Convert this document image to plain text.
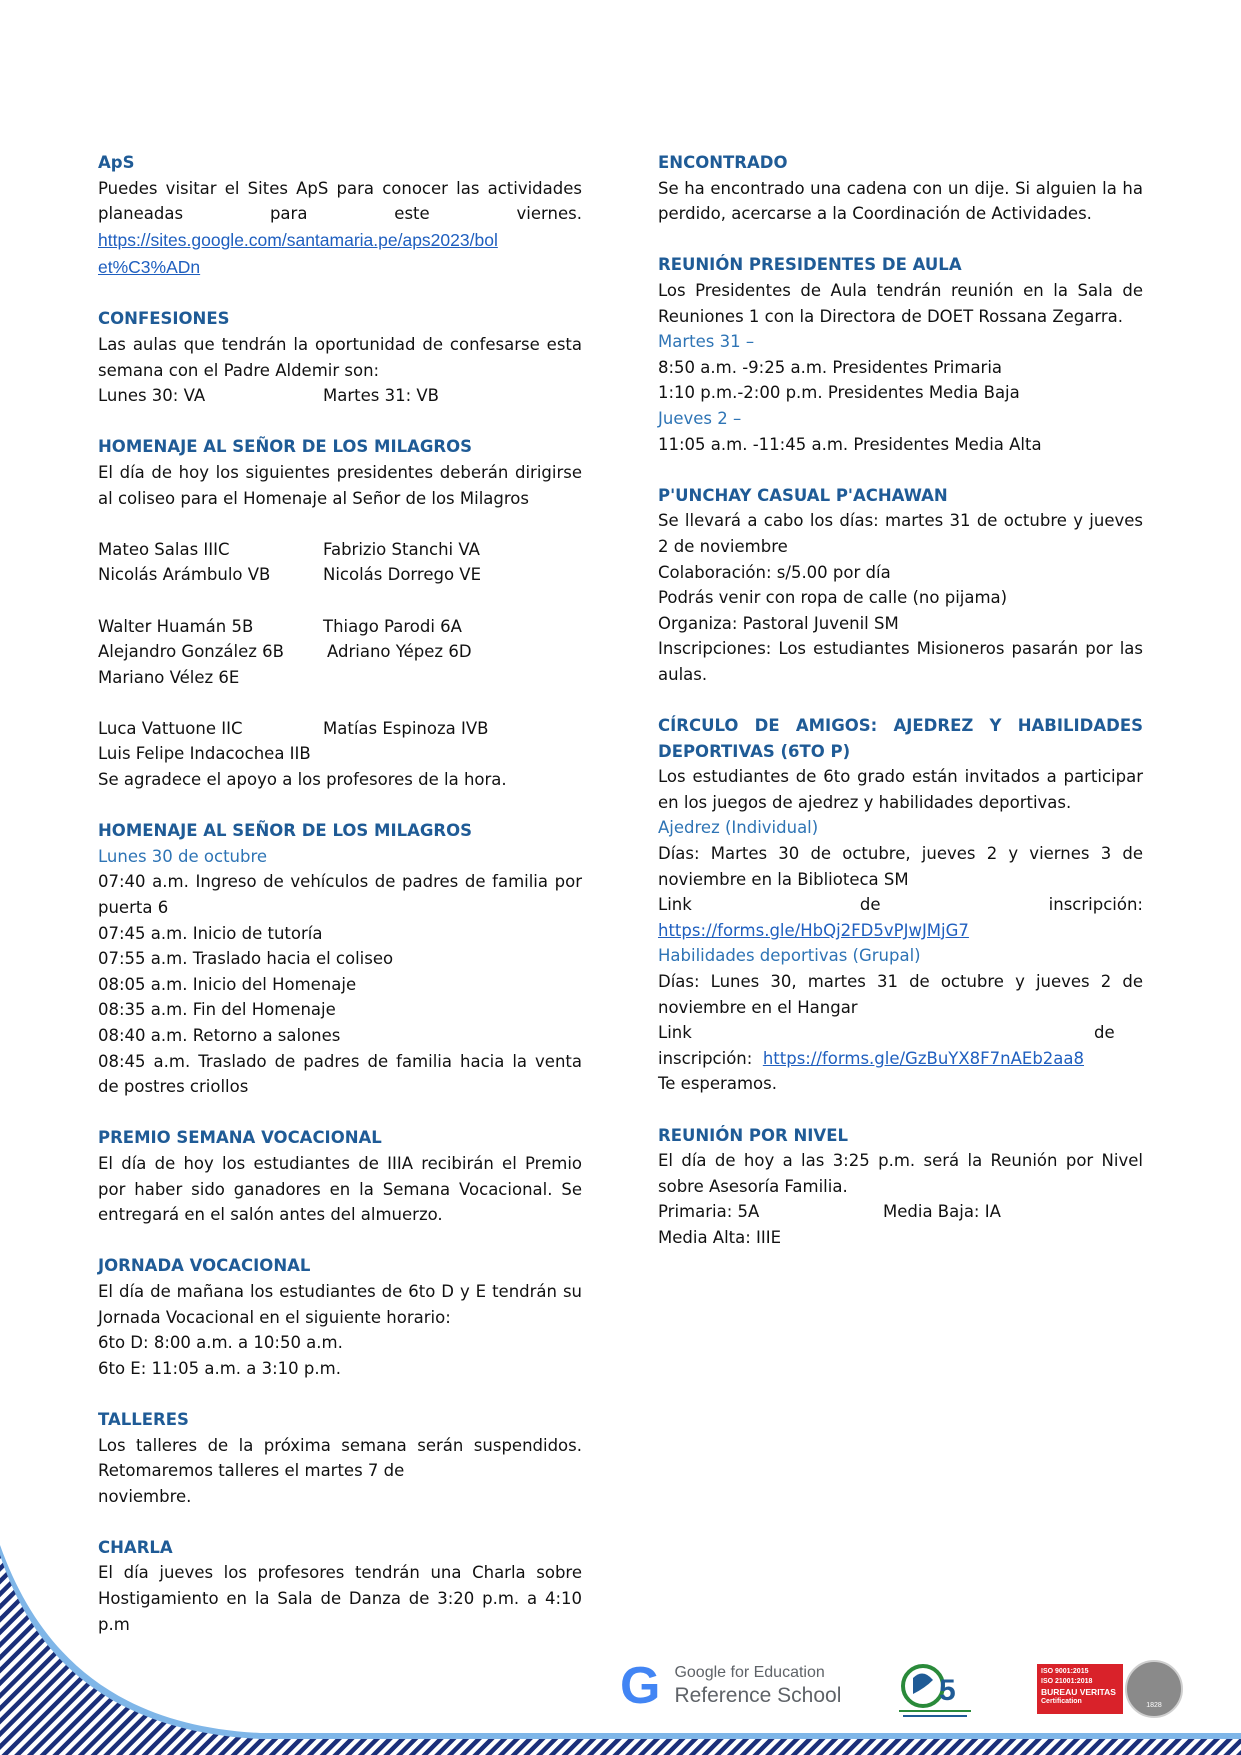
ApS
Puedes visitar el Sites ApS para conocer las actividades planeadas para este viernes.
https://sites.google.com/santamaria.pe/aps2023/bol
et%C3%ADn
CONFESIONES
Las aulas que tendrán la oportunidad de confesarse esta semana con el Padre Aldemir son:
Lunes 30: VA	Martes 31: VB
HOMENAJE AL SEÑOR DE LOS MILAGROS
El día de hoy los siguientes presidentes deberán dirigirse al coliseo para el Homenaje al Señor de los Milagros
Mateo Salas IIIC	Fabrizio Stanchi VA
Nicolás Arámbulo VB	Nicolás Dorrego VE
Walter Huamán 5B	Thiago Parodi 6A
Alejandro González 6B	Adriano Yépez 6D
Mariano Vélez 6E
Luca Vattuone IIC	Matías Espinoza IVB
Luis Felipe Indacochea IIB
Se agradece el apoyo a los profesores de la hora.
HOMENAJE AL SEÑOR DE LOS MILAGROS
Lunes 30 de octubre
07:40 a.m. Ingreso de vehículos de padres de familia por puerta 6
07:45 a.m. Inicio de tutoría
07:55 a.m. Traslado hacia el coliseo
08:05 a.m. Inicio del Homenaje
08:35 a.m. Fin del Homenaje
08:40 a.m. Retorno a salones
08:45 a.m. Traslado de padres de familia hacia la venta de postres criollos
PREMIO SEMANA VOCACIONAL
El día de hoy los estudiantes de IIIA recibirán el Premio por haber sido ganadores en la Semana Vocacional. Se entregará en el salón antes del almuerzo.
JORNADA VOCACIONAL
El día de mañana los estudiantes de 6to D y E tendrán su Jornada Vocacional en el siguiente horario:
6to D: 8:00 a.m. a 10:50 a.m.
6to E: 11:05 a.m. a 3:10 p.m.
TALLERES
Los talleres de la próxima semana serán suspendidos.
Retomaremos talleres el martes 7 de
noviembre.
CHARLA
El día jueves los profesores tendrán una Charla sobre Hostigamiento en la Sala de Danza de 3:20 p.m. a 4:10 p.m
ENCONTRADO
Se ha encontrado una cadena con un dije. Si alguien la ha perdido, acercarse a la Coordinación de Actividades.
REUNIÓN PRESIDENTES DE AULA
Los Presidentes de Aula tendrán reunión en la Sala de Reuniones 1 con la Directora de DOET Rossana Zegarra.
Martes 31 –
8:50 a.m. -9:25 a.m. Presidentes Primaria
1:10 p.m.-2:00 p.m. Presidentes Media Baja
Jueves 2 –
11:05 a.m. -11:45 a.m. Presidentes Media Alta
P'UNCHAY CASUAL P'ACHAWAN
Se llevará a cabo los días: martes 31 de octubre y jueves 2 de noviembre
Colaboración: s/5.00 por día
Podrás venir con ropa de calle (no pijama)
Organiza: Pastoral Juvenil SM
Inscripciones: Los estudiantes Misioneros pasarán por las aulas.
CÍRCULO DE AMIGOS: AJEDREZ Y HABILIDADES DEPORTIVAS (6TO P)
Los estudiantes de 6to grado están invitados a participar en los juegos de ajedrez y habilidades deportivas.
Ajedrez (Individual)
Días: Martes 30 de octubre, jueves 2 y viernes 3 de noviembre en la Biblioteca SM
Link de inscripción:
https://forms.gle/HbQj2FD5vPJwJMjG7
Habilidades deportivas (Grupal)
Días: Lunes 30, martes 31 de octubre y jueves 2 de noviembre en el Hangar
Link de
inscripción: https://forms.gle/GzBuYX8F7nAEb2aa8
Te esperamos.
REUNIÓN POR NIVEL
El día de hoy a las 3:25 p.m. será la Reunión por Nivel sobre Asesoría Familia.
Primaria: 5A	Media Baja: IA
Media Alta: IIIE
G Google for Education
Reference School	5
ISO 9001:2015
ISO 21001:2018
BUREAU VERITAS
Certification
1828
